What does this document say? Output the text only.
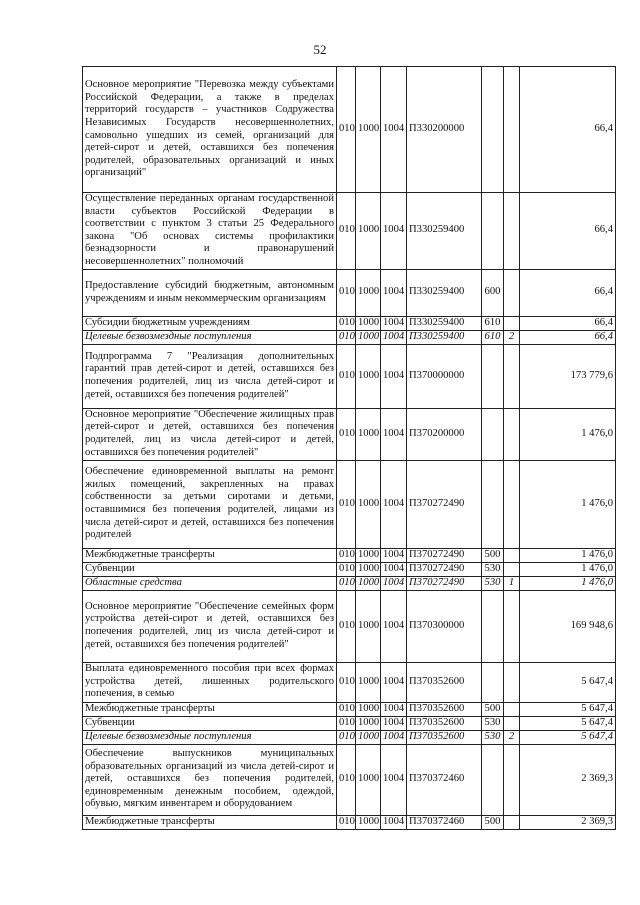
52
Основное мероприятие "Перевозка между субъектами Российской Федерации, а также в пределах территорий государств – участников Содружества Независимых Государств несовершеннолетних, самовольно ушедших из семей, организаций для детей-сирот и детей, оставшихся без попечения родителей, образовательных организаций и иных организаций"	010	1000	1004	П330200000			66,4
Осуществление переданных органам государственной власти субъектов Российской Федерации в соответствии с пунктом 3 статьи 25 Федерального закона "Об основах системы профилактики безнадзорности и правонарушений несовершеннолетних" полномочий	010	1000	1004	П330259400			66,4
Предоставление субсидий бюджетным, автономным учреждениям и иным некоммерческим организациям	010	1000	1004	П330259400	600		66,4
Субсидии бюджетным учреждениям	010	1000	1004	П330259400	610		66,4
Целевые безвозмездные поступления	010	1000	1004	П330259400	610	2	66,4
Подпрограмма 7 "Реализация дополнительных гарантий прав детей-сирот и детей, оставшихся без попечения родителей, лиц из числа детей-сирот и детей, оставшихся без попечения родителей"	010	1000	1004	П370000000			173 779,6
Основное мероприятие "Обеспечение жилищных прав детей-сирот и детей, оставшихся без попечения родителей, лиц из числа детей-сирот и детей, оставшихся без попечения родителей"	010	1000	1004	П370200000			1 476,0
Обеспечение единовременной выплаты на ремонт жилых помещений, закрепленных на правах собственности за детьми сиротами и детьми, оставшимися без попечения родителей, лицами из числа детей-сирот и детей, оставшихся без попечения родителей	010	1000	1004	П370272490			1 476,0
Межбюджетные трансферты	010	1000	1004	П370272490	500		1 476,0
Субвенции	010	1000	1004	П370272490	530		1 476,0
Областные средства	010	1000	1004	П370272490	530	1	1 476,0
Основное мероприятие "Обеспечение семейных форм устройства детей-сирот и детей, оставшихся без попечения родителей, лиц из числа детей-сирот и детей, оставшихся без попечения родителей"	010	1000	1004	П370300000			169 948,6
Выплата единовременного пособия при всех формах устройства детей, лишенных родительского попечения, в семью	010	1000	1004	П370352600			5 647,4
Межбюджетные трансферты	010	1000	1004	П370352600	500		5 647,4
Субвенции	010	1000	1004	П370352600	530		5 647,4
Целевые безвозмездные поступления	010	1000	1004	П370352600	530	2	5 647,4
Обеспечение выпускников муниципальных образовательных организаций из числа детей-сирот и детей, оставшихся без попечения родителей, единовременным денежным пособием, одеждой, обувью, мягким инвентарем и оборудованием	010	1000	1004	П370372460			2 369,3
Межбюджетные трансферты	010	1000	1004	П370372460	500		2 369,3
